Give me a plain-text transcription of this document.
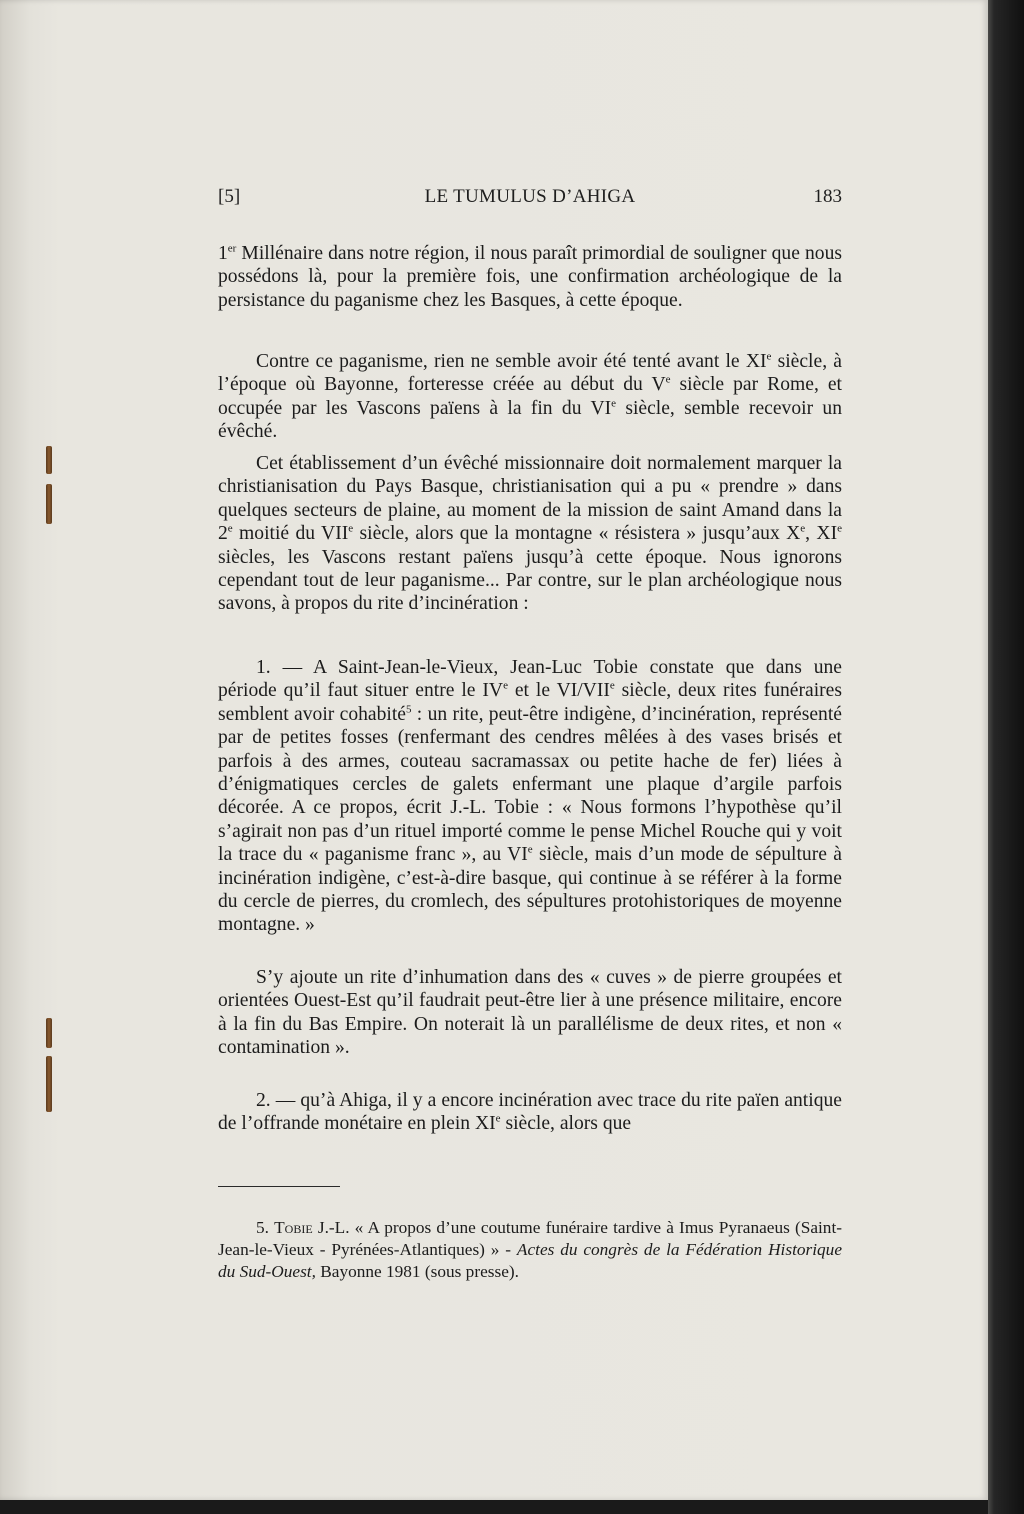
[5]	LE TUMULUS D’AHIGA	183

1er Millénaire dans notre région, il nous paraît primordial de souligner que nous possédons là, pour la première fois, une confirmation archéologique de la persistance du paganisme chez les Basques, à cette époque.

Contre ce paganisme, rien ne semble avoir été tenté avant le XIe siècle, à l’époque où Bayonne, forteresse créée au début du Ve siècle par Rome, et occupée par les Vascons païens à la fin du VIe siècle, semble recevoir un évêché.

Cet établissement d’un évêché missionnaire doit normalement marquer la christianisation du Pays Basque, christianisation qui a pu « prendre » dans quelques secteurs de plaine, au moment de la mission de saint Amand dans la 2e moitié du VIIe siècle, alors que la montagne « résistera » jusqu’aux Xe, XIe siècles, les Vascons restant païens jusqu’à cette époque. Nous ignorons cependant tout de leur paganisme... Par contre, sur le plan archéologique nous savons, à propos du rite d’incinération :

1. — A Saint-Jean-le-Vieux, Jean-Luc Tobie constate que dans une période qu’il faut situer entre le IVe et le VI/VIIe siècle, deux rites funéraires semblent avoir cohabité$^5$ : un rite, peut-être indigène, d’incinération, représenté par de petites fosses (renfermant des cendres mêlées à des vases brisés et parfois à des armes, couteau sacramassax ou petite hache de fer) liées à d’énigmatiques cercles de galets enfermant une plaque d’argile parfois décorée. A ce propos, écrit J.-L. Tobie : « Nous formons l’hypothèse qu’il s’agirait non pas d’un rituel importé comme le pense Michel Rouche qui y voit la trace du « paganisme franc », au VIe siècle, mais d’un mode de sépulture à incinération indigène, c’est-à-dire basque, qui continue à se référer à la forme du cercle de pierres, du cromlech, des sépultures protohistoriques de moyenne montagne. »

S’y ajoute un rite d’inhumation dans des « cuves » de pierre groupées et orientées Ouest-Est qu’il faudrait peut-être lier à une présence militaire, encore à la fin du Bas Empire. On noterait là un parallélisme de deux rites, et non « contamination ».

2. — qu’à Ahiga, il y a encore incinération avec trace du rite païen antique de l’offrande monétaire en plein XIe siècle, alors que

5. Tobie J.-L. « A propos d’une coutume funéraire tardive à Imus Pyranaeus (Saint-Jean-le-Vieux - Pyrénées-Atlantiques) » - Actes du congrès de la Fédération Historique du Sud-Ouest, Bayonne 1981 (sous presse).
